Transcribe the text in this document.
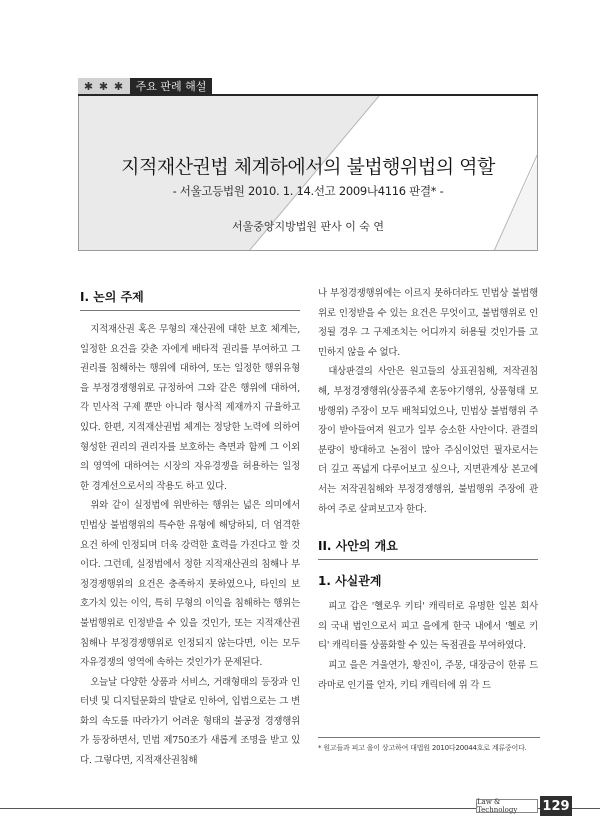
✱ ✱ ✱	주요 판례 해설
지적재산권법 체계하에서의 불법행위법의 역할
- 서울고등법원 2010. 1. 14.선고 2009나4116 판결* -
서울중앙지방법원 판사 이 숙 연
I. 논의 주제

지적재산권 혹은 무형의 재산권에 대한 보호 체계는, 일정한 요건을 갖춘 자에게 배타적 권리를 부여하고 그 권리를 침해하는 행위에 대하여, 또는 일정한 행위유형을 부정경쟁행위로 규정하여 그와 같은 행위에 대하여, 각 민사적 구제 뿐만 아니라 형사적 제재까지 규율하고 있다. 한편, 지적재산권법 체계는 정당한 노력에 의하여 형성한 권리의 권리자를 보호하는 측면과 함께 그 이외의 영역에 대하여는 시장의 자유경쟁을 허용하는 일정한 경계선으로서의 작용도 하고 있다.

위와 같이 실정법에 위반하는 행위는 넓은 의미에서 민법상 불법행위의 특수한 유형에 해당하되, 더 엄격한 요건 하에 인정되며 더욱 강력한 효력을 가진다고 할 것이다. 그런데, 실정법에서 정한 지적재산권의 침해나 부정경쟁행위의 요건은 충족하지 못하였으나, 타인의 보호가치 있는 이익, 특히 무형의 이익을 침해하는 행위는 불법행위로 인정받을 수 있을 것인가, 또는 지적재산권침해나 부정경쟁행위로 인정되지 않는다면, 이는 모두 자유경쟁의 영역에 속하는 것인가가 문제된다.

오늘날 다양한 상품과 서비스, 거래형태의 등장과 인터넷 및 디지털문화의 발달로 인하여, 입법으로는 그 변화의 속도를 따라가기 어려운 형태의 불공정 경쟁행위가 등장하면서, 민법 제750조가 새롭게 조명을 받고 있다. 그렇다면, 지적재산권침해

나 부정경쟁행위에는 이르지 못하더라도 민법상 불법행위로 인정받을 수 있는 요건은 무엇이고, 불법행위로 인정될 경우 그 구제조치는 어디까지 허용될 것인가를 고민하지 않을 수 없다.

대상판결의 사안은 원고들의 상표권침해, 저작권침해, 부정경쟁행위(상품주체 혼동야기행위, 상품형태 모방행위) 주장이 모두 배척되었으나, 민법상 불법행위 주장이 받아들여져 원고가 일부 승소한 사안이다. 관결의 분량이 방대하고 논점이 많아 주심이었던 필자로서는 더 깊고 폭넓게 다루어보고 싶으나, 지면관계상 본고에서는 저작권침해와 부정경쟁행위, 불법행위 주장에 관하여 주로 살펴보고자 한다.

II. 사안의 개요
1. 사실관계

피고 갑은 '헬로우 키티' 캐릭터로 유명한 일본 회사의 국내 법인으로서 피고 을에게 한국 내에서 '헬로 키티' 캐릭터를 상품화할 수 있는 독점권을 부여하였다.

피고 을은 겨울연가, 황진이, 주몽, 대장금이 한류 드라마로 인기를 얻자, 키티 캐릭터에 위 각 드

* 원고들과 피고 을이 상고하여 대법원 2010다20044호로 계류중이다.
Law & Technology	129
